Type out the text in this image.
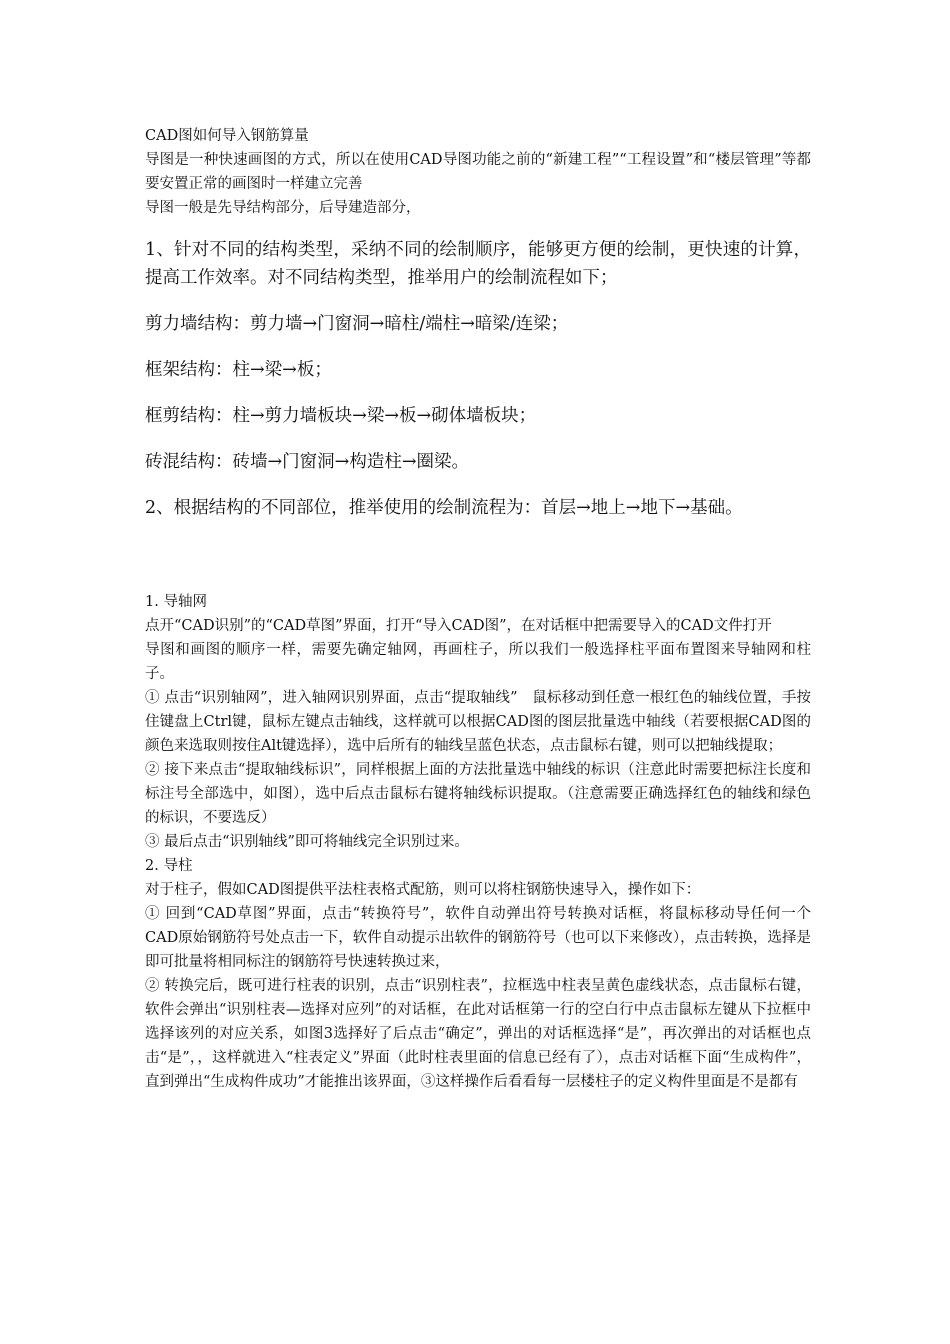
CAD图如何导入钢筋算量

导图是一种快速画图的方式，所以在使用CAD导图功能之前的“新建工程”“工程设置”和“楼层管理”等都要安置正常的画图时一样建立完善

导图一般是先导结构部分，后导建造部分，

1、针对不同的结构类型，采纳不同的绘制顺序，能够更方便的绘制，更快速的计算，提高工作效率。对不同结构类型，推举用户的绘制流程如下；

剪力墙结构：剪力墙→门窗洞→暗柱/端柱→暗梁/连梁；

框架结构：柱→梁→板；

框剪结构：柱→剪力墙板块→梁→板→砌体墙板块；

砖混结构：砖墙→门窗洞→构造柱→圈梁。

2、根据结构的不同部位，推举使用的绘制流程为：首层→地上→地下→基础。

1. 导轴网

点开“CAD识别”的“CAD草图”界面，打开“导入CAD图”，在对话框中把需要导入的CAD文件打开

导图和画图的顺序一样，需要先确定轴网，再画柱子，所以我们一般选择柱平面布置图来导轴网和柱子。

① 点击“识别轴网”，进入轴网识别界面，点击“提取轴线”　鼠标移动到任意一根红色的轴线位置，手按住键盘上Ctrl键，鼠标左键点击轴线，这样就可以根据CAD图的图层批量选中轴线（若要根据CAD图的颜色来选取则按住Alt键选择），选中后所有的轴线呈蓝色状态，点击鼠标右键，则可以把轴线提取；

② 接下来点击“提取轴线标识”，同样根据上面的方法批量选中轴线的标识（注意此时需要把标注长度和标注号全部选中，如图），选中后点击鼠标右键将轴线标识提取。（注意需要正确选择红色的轴线和绿色的标识，不要选反）

③ 最后点击“识别轴线”即可将轴线完全识别过来。

2. 导柱

对于柱子，假如CAD图提供平法柱表格式配筋，则可以将柱钢筋快速导入，操作如下：

① 回到“CAD草图”界面，点击“转换符号”，软件自动弹出符号转换对话框，将鼠标移动导任何一个CAD原始钢筋符号处点击一下，软件自动提示出软件的钢筋符号（也可以下来修改），点击转换，选择是即可批量将相同标注的钢筋符号快速转换过来，

② 转换完后，既可进行柱表的识别，点击“识别柱表”，拉框选中柱表呈黄色虚线状态，点击鼠标右键，软件会弹出“识别柱表—选择对应列”的对话框，在此对话框第一行的空白行中点击鼠标左键从下拉框中选择该列的对应关系，如图3选择好了后点击“确定”，弹出的对话框选择“是”，再次弹出的对话框也点击“是”，，这样就进入“柱表定义”界面（此时柱表里面的信息已经有了），点击对话框下面“生成构件”，直到弹出“生成构件成功”才能推出该界面，③这样操作后看看每一层楼柱子的定义构件里面是不是都有
